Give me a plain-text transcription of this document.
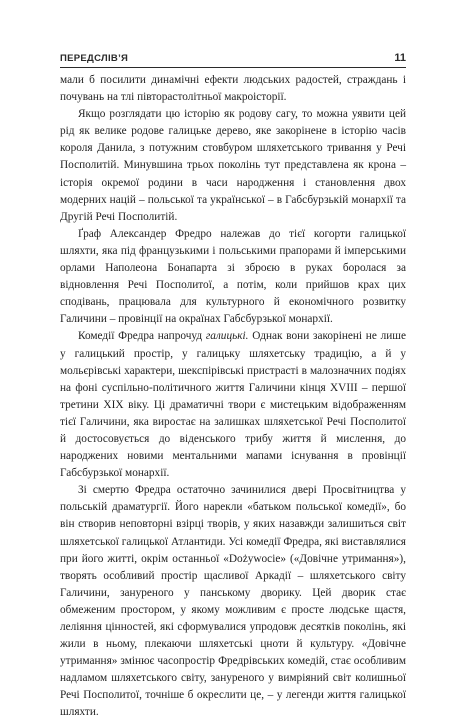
ПЕРЕДСЛІВ’Я	11

мали б посилити динамічні ефекти людських радостей, страждань і почувань на тлі півторастолітньої макроісторії.

Якщо розглядати цю історію як родову сагу, то можна уявити цей рід як велике родове галицьке дерево, яке закорінене в історію часів короля Данила, з потужним стовбуром шляхетського тривання у Речі Посполитій. Минувшина трьох поколінь тут представлена як крона – історія окремої родини в часи народження і становлення двох модерних націй – польської та української – в Габсбурзькій монархії та Другій Речі Посполитій.

Ґраф Александер Фредро належав до тієї когорти галицької шляхти, яка під французькими і польськими прапорами й імперськими орлами Наполеона Бонапарта зі зброєю в руках боролася за відновлення Речі Посполитої, а потім, коли прийшов крах цих сподівань, працювала для культурного й економічного розвитку Галичини – провінції на окраїнах Габсбурзької монархії.

Комедії Фредра напрочуд галицькі. Однак вони закорінені не лише у галицький простір, у галицьку шляхетську традицію, а й у мольєрівські характери, шекспірівські пристрасті в малозначних подіях на фоні суспільно-політичного життя Галичини кінця XVIII – першої третини XIX віку. Ці драматичні твори є мистецьким відображенням тієї Галичини, яка виростає на залишках шляхетської Речі Посполитої й достосовується до віденського трибу життя й мислення, до народжених новими ментальними мапами існування в провінції Габсбурзької монархії.

Зі смертю Фредра остаточно зачинилися двері Просвітництва у польській драматургії. Його нарекли «батьком польської комедії», бо він створив неповторні взірці творів, у яких назавжди залишиться світ шляхетської галицької Атлантиди. Усі комедії Фредра, які виставлялися при його житті, окрім останньої «Dożywocie» («Довічне утримання»), творять особливий простір щасливої Аркадії – шляхетського світу Галичини, зануреного у панському дворику. Цей дворик стає обмеженим простором, у якому можливим є просте людське щастя, леліяння цінностей, які сформувалися упродовж десятків поколінь, які жили в ньому, плекаючи шляхетські цноти й культуру. «Довічне утримання» змінює часопростір Фредрівських комедій, стає особливим надламом шляхетського світу, зануреного у вимріяний світ колишньої Речі Посполитої, точніше б окреслити це, – у легенди життя галицької шляхти.
